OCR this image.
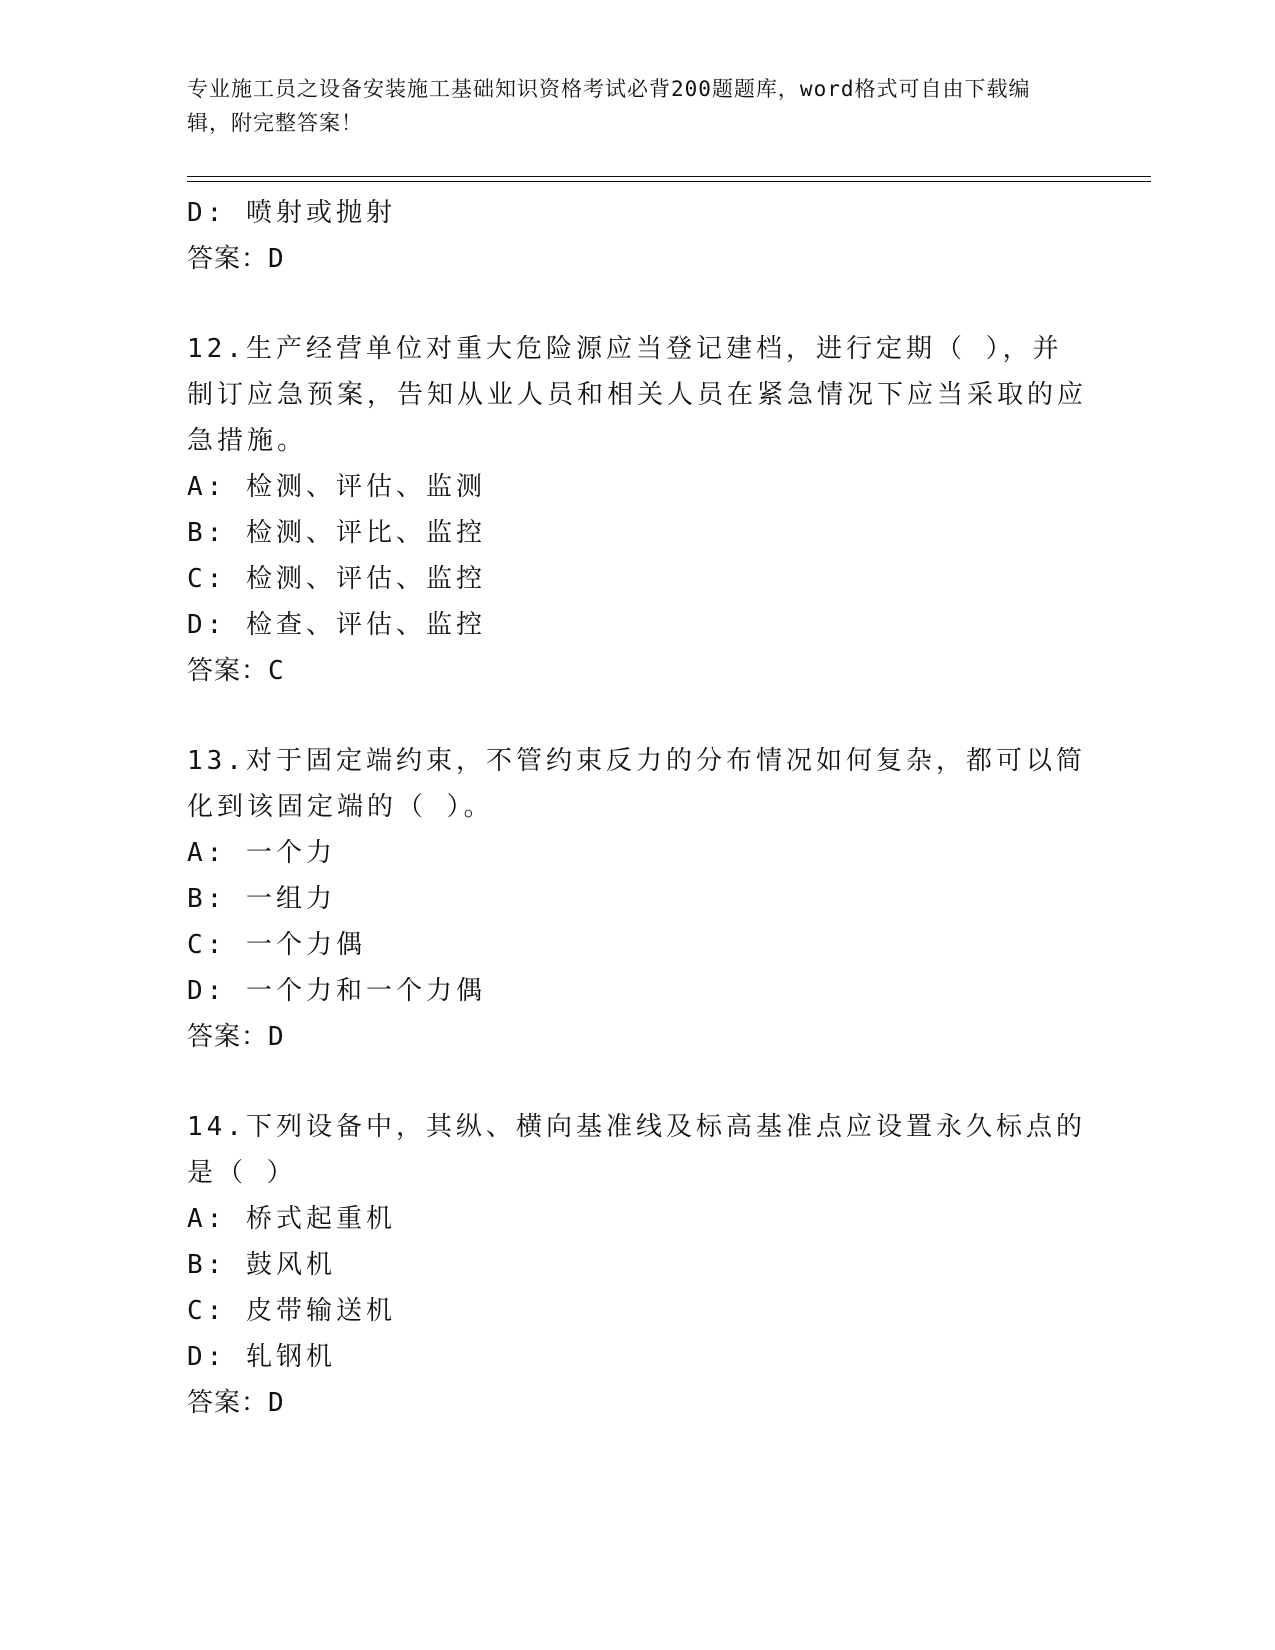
专业施工员之设备安装施工基础知识资格考试必背200题题库，word格式可自由下载编辑，附完整答案！

D: 喷射或抛射

答案：D

12.生产经营单位对重大危险源应当登记建档，进行定期（ ），并制订应急预案，告知从业人员和相关人员在紧急情况下应当采取的应急措施。

A: 检测、评估、监测

B: 检测、评比、监控

C: 检测、评估、监控

D: 检查、评估、监控

答案：C

13.对于固定端约束，不管约束反力的分布情况如何复杂，都可以简化到该固定端的（ ）。

A: 一个力

B: 一组力

C: 一个力偶

D: 一个力和一个力偶

答案：D

14.下列设备中，其纵、横向基准线及标高基准点应设置永久标点的是（ ）

A: 桥式起重机

B: 鼓风机

C: 皮带输送机

D: 轧钢机

答案：D
